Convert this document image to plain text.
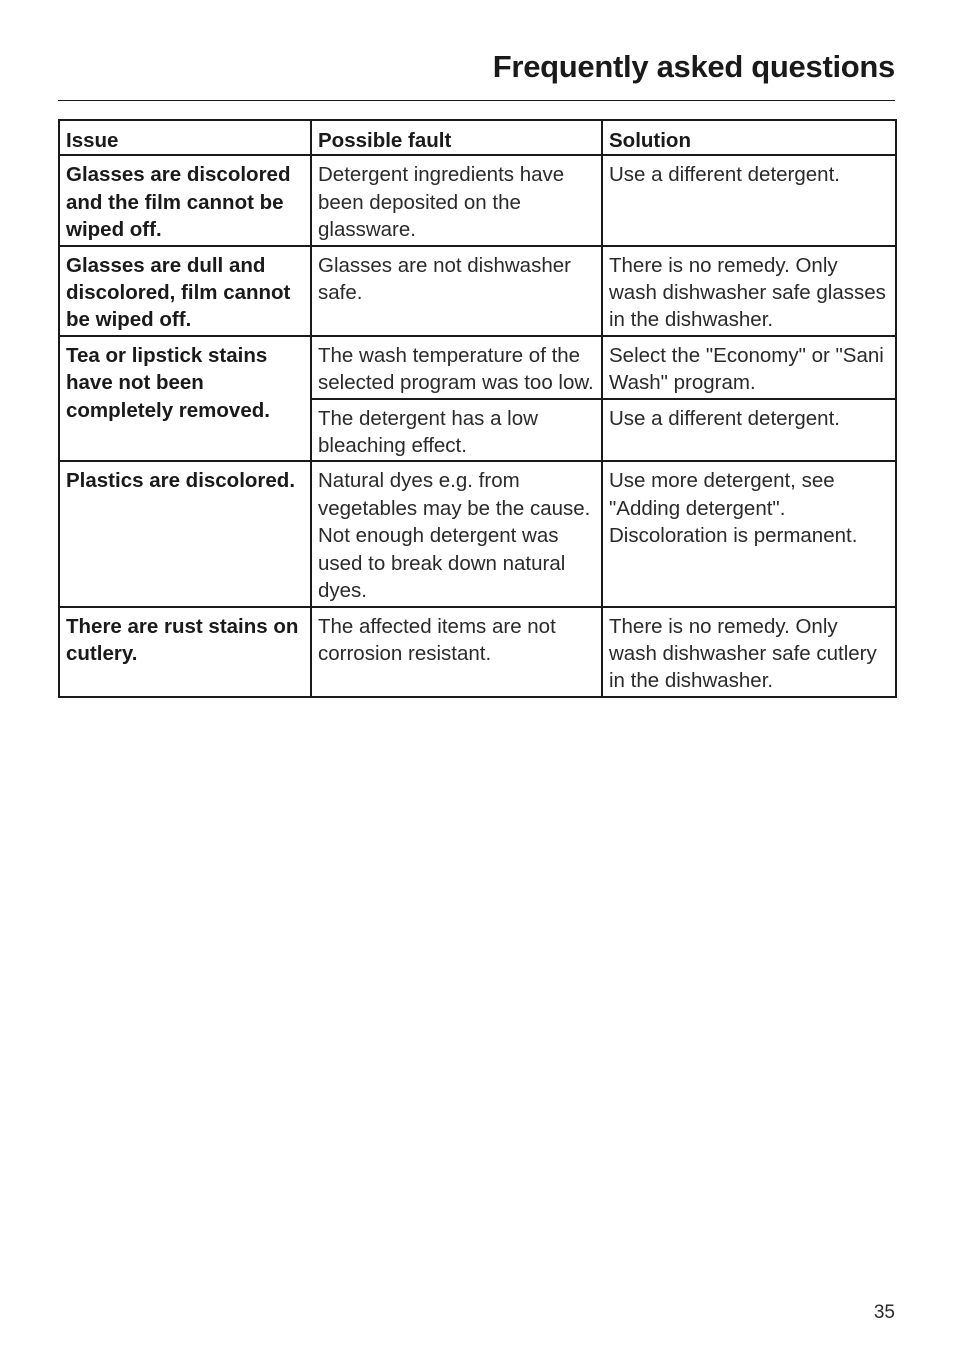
Frequently asked questions
Issue	Possible fault	Solution
Glasses are discolored and the film cannot be wiped off.	Detergent ingredients have been deposited on the glassware.	Use a different detergent.
Glasses are dull and discolored, film cannot be wiped off.	Glasses are not dishwasher safe.	There is no remedy. Only wash dishwasher safe glasses in the dishwasher.
Tea or lipstick stains have not been completely removed.	The wash temperature of the selected program was too low.	Select the "Economy" or "Sani Wash" program.
	The detergent has a low bleaching effect.	Use a different detergent.
Plastics are discolored.	Natural dyes e.g. from vegetables may be the cause. Not enough detergent was used to break down natural dyes.	Use more detergent, see "Adding detergent". Discoloration is permanent.
There are rust stains on cutlery.	The affected items are not corrosion resistant.	There is no remedy. Only wash dishwasher safe cutlery in the dishwasher.
35
